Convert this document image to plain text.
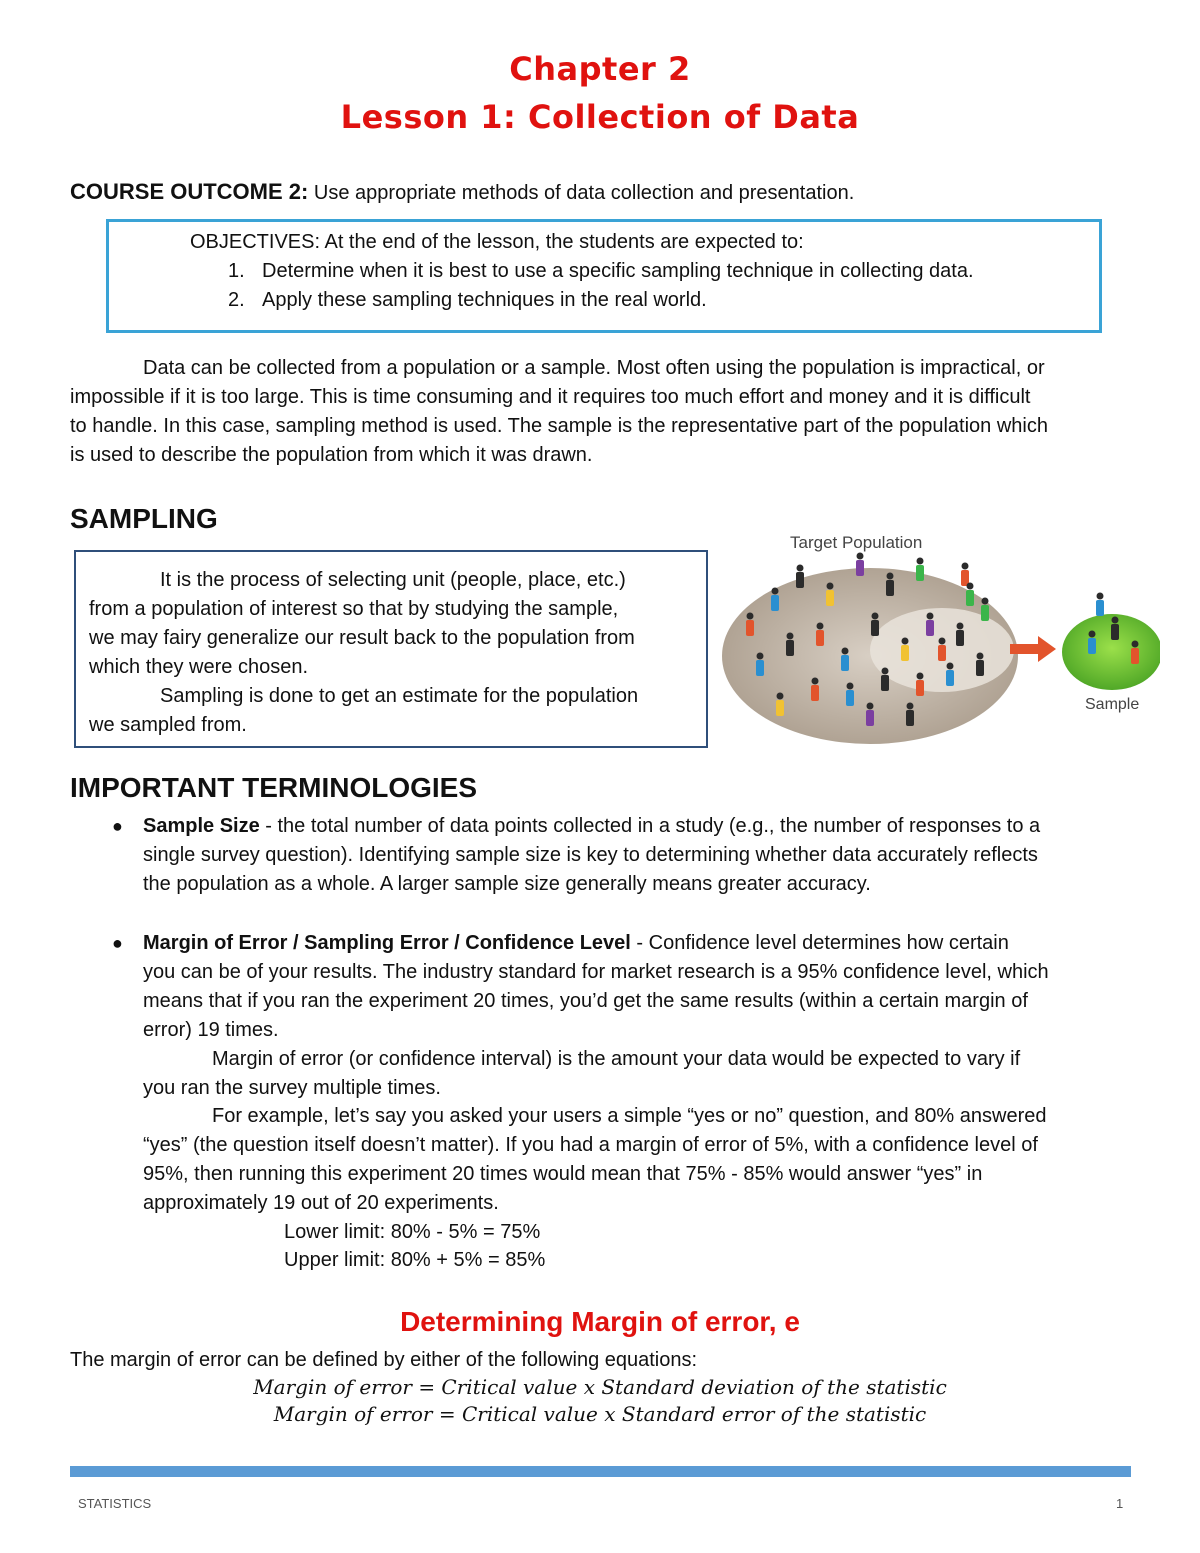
Chapter 2
Lesson 1: Collection of Data
COURSE OUTCOME 2: Use appropriate methods of data collection and presentation.
OBJECTIVES: At the end of the lesson, the students are expected to:
1. Determine when it is best to use a specific sampling technique in collecting data.
2. Apply these sampling techniques in the real world.
Data can be collected from a population or a sample. Most often using the population is impractical, or
impossible if it is too large. This is time consuming and it requires too much effort and money and it is difficult
to handle. In this case, sampling method is used. The sample is the representative part of the population which
is used to describe the population from which it was drawn.
SAMPLING
It is the process of selecting unit (people, place, etc.)
from a population of interest so that by studying the sample,
we may fairy generalize our result back to the population from
which they were chosen.
Sampling is done to get an estimate for the population
we sampled from.
Target Population
Sample
IMPORTANT TERMINOLOGIES
● Sample Size - the total number of data points collected in a study (e.g., the number of responses to a
single survey question). Identifying sample size is key to determining whether data accurately reflects
the population as a whole. A larger sample size generally means greater accuracy.
● Margin of Error / Sampling Error / Confidence Level - Confidence level determines how certain
you can be of your results. The industry standard for market research is a 95% confidence level, which
means that if you ran the experiment 20 times, you’d get the same results (within a certain margin of
error) 19 times.
Margin of error (or confidence interval) is the amount your data would be expected to vary if
you ran the survey multiple times.
For example, let’s say you asked your users a simple “yes or no” question, and 80% answered
“yes” (the question itself doesn’t matter). If you had a margin of error of 5%, with a confidence level of
95%, then running this experiment 20 times would mean that 75% - 85% would answer “yes” in
approximately 19 out of 20 experiments.
Lower limit: 80% - 5% = 75%
Upper limit: 80% + 5% = 85%
Determining Margin of error, e
The margin of error can be defined by either of the following equations:
Margin of error = Critical value x Standard deviation of the statistic
Margin of error = Critical value x Standard error of the statistic
STATISTICS	1
